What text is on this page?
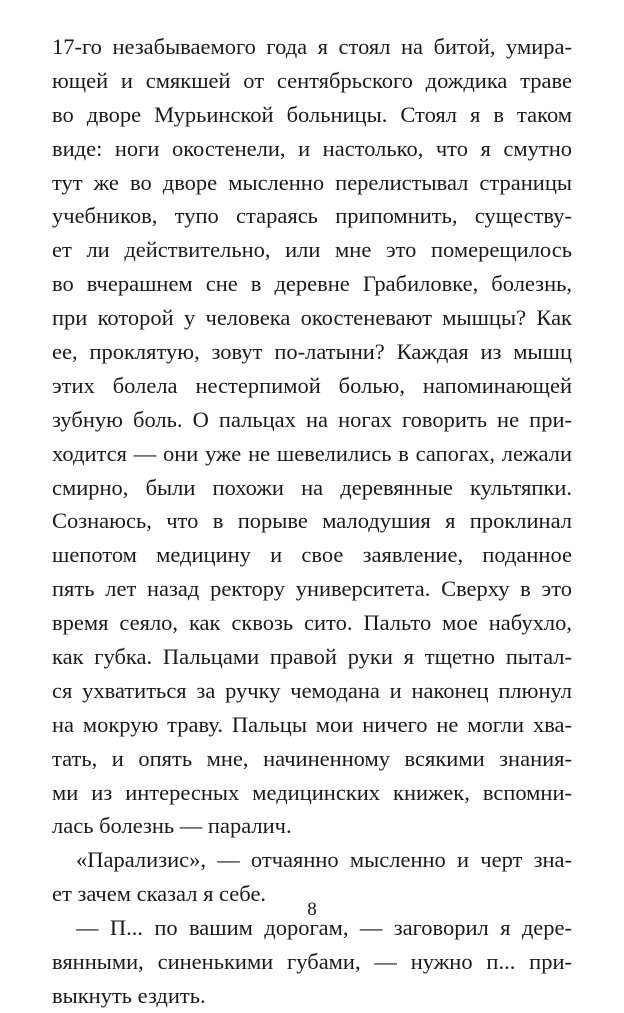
17-го незабываемого года я стоял на битой, умира-
ющей и смякшей от сентябрьского дождика траве
во дворе Мурьинской больницы. Стоял я в таком
виде: ноги окостенели, и настолько, что я смутно
тут же во дворе мысленно перелистывал страницы
учебников, тупо стараясь припомнить, существу-
ет ли действительно, или мне это померещилось
во вчерашнем сне в деревне Грабиловке, болезнь,
при которой у человека окостеневают мышцы? Как
ее, проклятую, зовут по-латыни? Каждая из мышц
этих болела нестерпимой болью, напоминающей
зубную боль. О пальцах на ногах говорить не при-
ходится — они уже не шевелились в сапогах, лежали
смирно, были похожи на деревянные культяпки.
Сознаюсь, что в порыве малодушия я проклинал
шепотом медицину и свое заявление, поданное
пять лет назад ректору университета. Сверху в это
время сеяло, как сквозь сито. Пальто мое набухло,
как губка. Пальцами правой руки я тщетно пытал-
ся ухватиться за ручку чемодана и наконец плюнул
на мокрую траву. Пальцы мои ничего не могли хва-
тать, и опять мне, начиненному всякими знания-
ми из интересных медицинских книжек, вспомни-
лась болезнь — паралич.
«Парализис», — отчаянно мысленно и черт зна-
ет зачем сказал я себе.
— П... по вашим дорогам, — заговорил я дере-
вянными, синенькими губами, — нужно п... при-
выкнуть ездить.
8
